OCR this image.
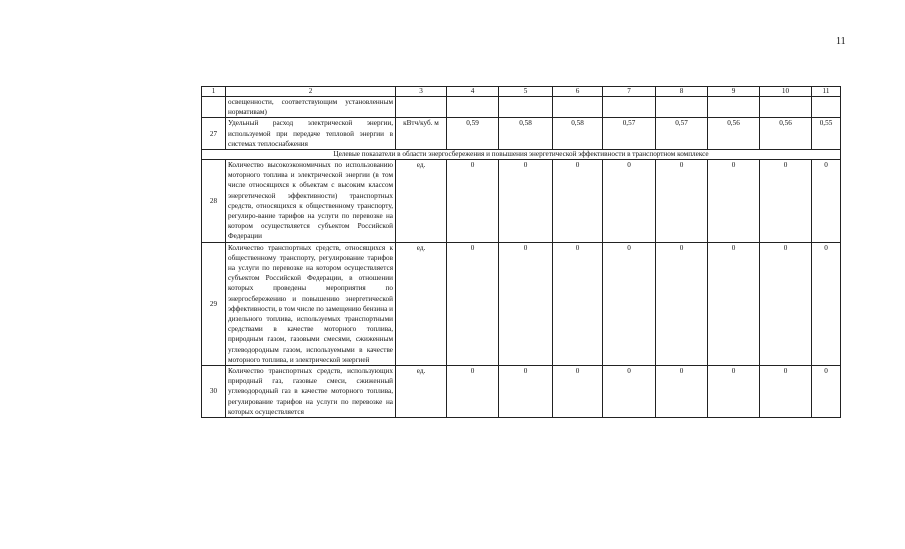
11
1	2	3	4	5	6	7	8	9	10	11
	освещенности, соответствующим установленным нормативам)									
27	Удельный расход электрической энергии, используемой при передаче тепловой энергии в системах теплоснабжения	кВтч/куб. м	0,59	0,58	0,58	0,57	0,57	0,56	0,56	0,55
Целевые показатели в области энергосбережения и повышения энергетической эффективности в транспортном комплексе										
28	Количество высокоэкономичных по использованию моторного топлива и электрической энергии (в том числе относящихся к объектам с высоким классом энергетической эффективности) транспортных средств, относящихся к общественному транспорту, регулиро-вание тарифов на услуги по перевозке на котором осуществляется субъектом Российской Федерации	ед.	0	0	0	0	0	0	0	0
29	Количество транспортных средств, относящихся к общественному транспорту, регулирование тарифов на услуги по перевозке на котором осуществляется субъектом Российской Федерации, в отношении которых проведены мероприятия по энергосбережению и повышению энергетической эффективности, в том числе по замещению бензина и дизельного топлива, используемых транспортными средствами в качестве моторного топлива, природным газом, газовыми смесями, сжиженным углеводородным газом, используемыми в качестве моторного топлива, и электрической энергией	ед.	0	0	0	0	0	0	0	0
30	Количество транспортных средств, использующих природный газ, газовые смеси, сжиженный углеводородный газ в качестве моторного топлива, регулирование тарифов на услуги по перевозке на которых осуществляется	ед.	0	0	0	0	0	0	0	0
